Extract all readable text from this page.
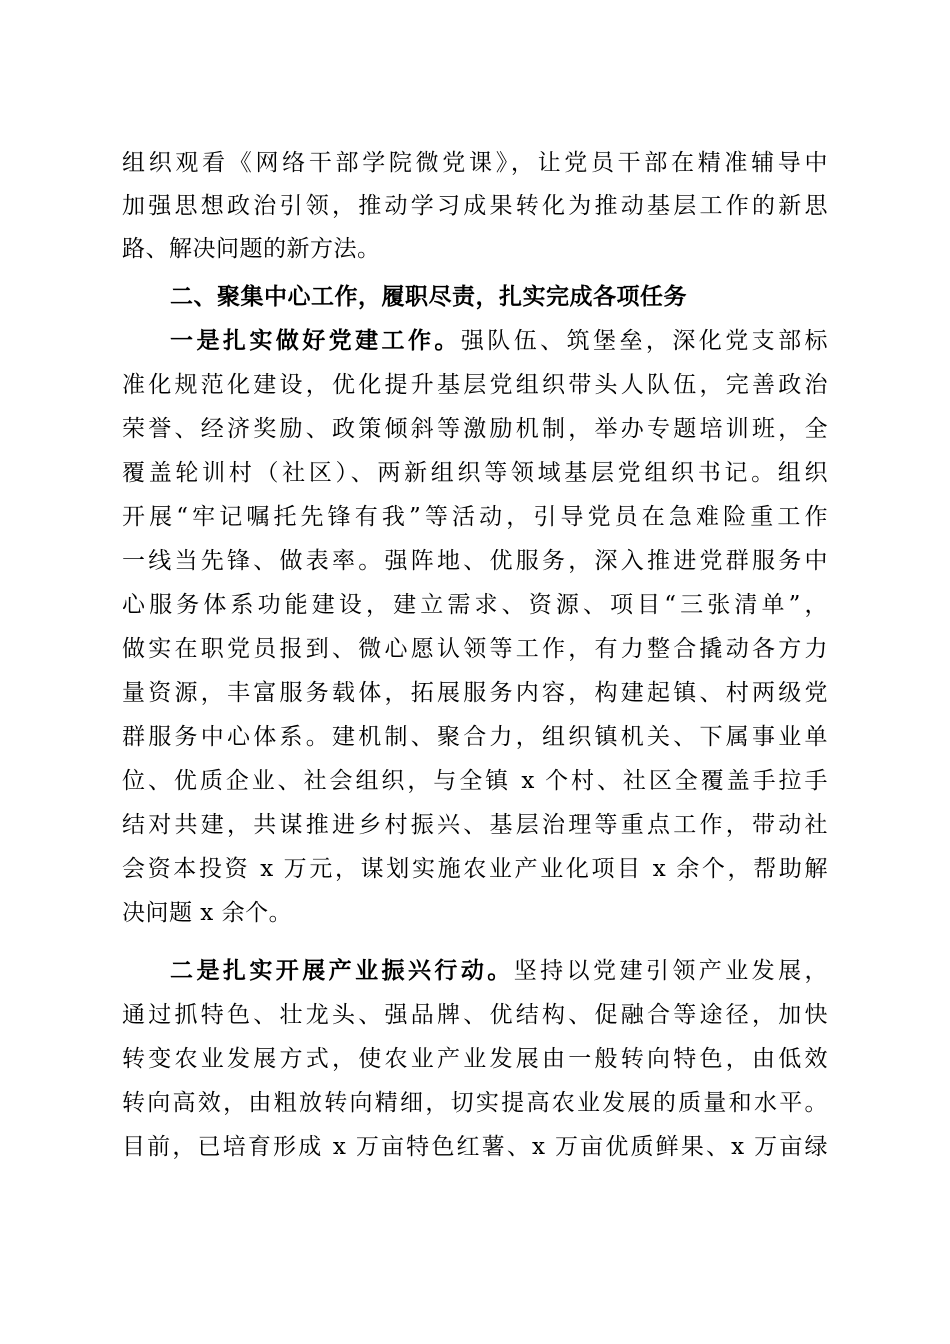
组织观看《网络干部学院微党课》，让党员干部在精准辅导中
加强思想政治引领，推动学习成果转化为推动基层工作的新思
路、解决问题的新方法。
二、聚集中心工作，履职尽责，扎实完成各项任务
一是扎实做好党建工作。强队伍、筑堡垒，深化党支部标
准化规范化建设，优化提升基层党组织带头人队伍，完善政治
荣誉、经济奖励、政策倾斜等激励机制，举办专题培训班，全
覆盖轮训村（社区）、两新组织等领域基层党组织书记。组织
开展“牢记嘱托先锋有我”等活动，引导党员在急难险重工作
一线当先锋、做表率。强阵地、优服务，深入推进党群服务中
心服务体系功能建设，建立需求、资源、项目“三张清单”，
做实在职党员报到、微心愿认领等工作，有力整合撬动各方力
量资源，丰富服务载体，拓展服务内容，构建起镇、村两级党
群服务中心体系。建机制、聚合力，组织镇机关、下属事业单
位、优质企业、社会组织，与全镇 x 个村、社区全覆盖手拉手
结对共建，共谋推进乡村振兴、基层治理等重点工作，带动社
会资本投资 x 万元，谋划实施农业产业化项目 x 余个，帮助解
决问题 x 余个。
二是扎实开展产业振兴行动。坚持以党建引领产业发展，
通过抓特色、壮龙头、强品牌、优结构、促融合等途径，加快
转变农业发展方式，使农业产业发展由一般转向特色，由低效
转向高效，由粗放转向精细，切实提高农业发展的质量和水平。
目前，已培育形成 x 万亩特色红薯、x 万亩优质鲜果、x 万亩绿
